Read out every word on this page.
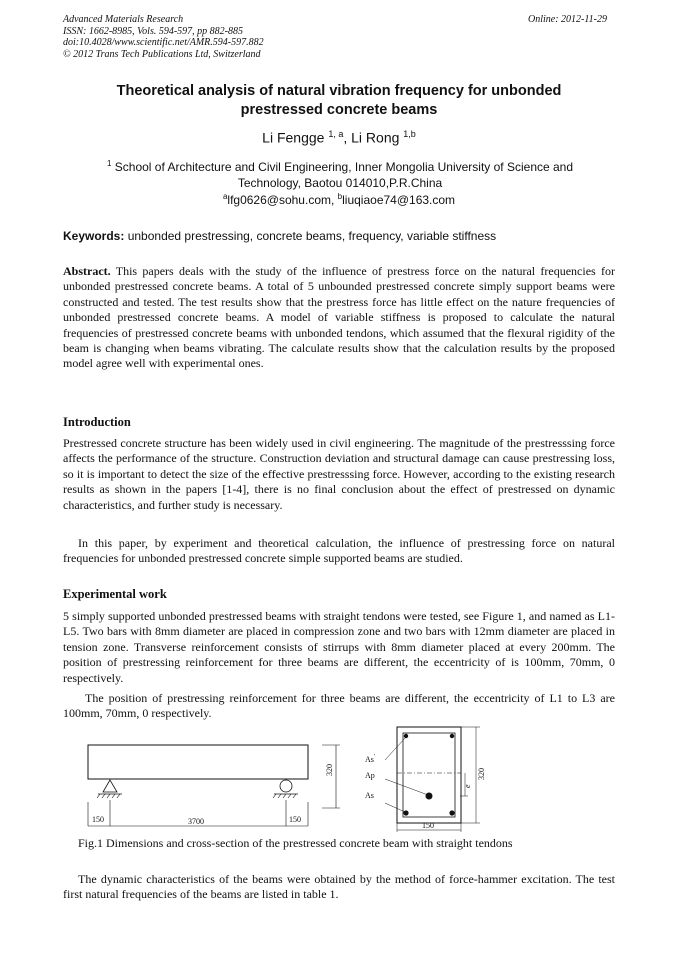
Advanced Materials Research
ISSN: 1662-8985, Vols. 594-597, pp 882-885
doi:10.4028/www.scientific.net/AMR.594-597.882
© 2012 Trans Tech Publications Ltd, Switzerland
Online: 2012-11-29
Theoretical analysis of natural vibration frequency for unbonded
prestressed concrete beams
Li Fengge $^{1, a}$, Li Rong $^{1,b}$
$^1$ School of Architecture and Civil Engineering, Inner Mongolia University of Science and
Technology, Baotou 014010,P.R.China
$^a$lfg0626@sohu.com, $^b$liuqiaoe74@163.com
Keywords: unbonded prestressing, concrete beams, frequency, variable stiffness
Abstract. This papers deals with the study of the influence of prestress force on the natural frequencies for unbonded prestressed concrete beams. A total of 5 unbounded prestressed concrete simply support beams were constructed and tested. The test results show that the prestress force has little effect on the nature frequencies of unbonded prestressed concrete beams. A model of variable stiffness is proposed to calculate the natural frequencies of prestressed concrete beams with unbonded tendons, which assumed that the flexural rigidity of the beam is changing when beams vibrating. The calculate results show that the calculation results by the proposed model agree well with experimental ones.
Introduction
Prestressed concrete structure has been widely used in civil engineering. The magnitude of the prestresssing force affects the performance of the structure. Construction deviation and structural damage can cause prestressing loss, so it is important to detect the size of the effective prestresssing force. However, according to the existing research results as shown in the papers [1-4], there is no final conclusion about the effect of prestressed on dynamic characteristics, and further study is necessary.
In this paper, by experiment and theoretical calculation, the influence of prestressing force on natural frequencies for unbonded prestressed concrete simple supported beams are studied.
Experimental work
5 simply supported unbonded prestressed beams with straight tendons were tested, see Figure 1, and named as L1-L5. Two bars with 8mm diameter are placed in compression zone and two bars with 12mm diameter are placed in tension zone. Transverse reinforcement consists of stirrups with 8mm diameter placed at every 200mm. The position of prestressing reinforcement for three beams are different, the eccentricity of is 100mm, 70mm, 0 respectively.
The position of prestressing reinforcement for three beams are different, the eccentricity of L1 to L3 are 100mm, 70mm, 0 respectively.
150	3700	150
320
As'
Ap
As
e
320
150
Fig.1 Dimensions and cross-section of the prestressed concrete beam with straight tendons
The dynamic characteristics of the beams were obtained by the method of force-hammer excitation. The test first natural frequencies of the beams are listed in table 1.
